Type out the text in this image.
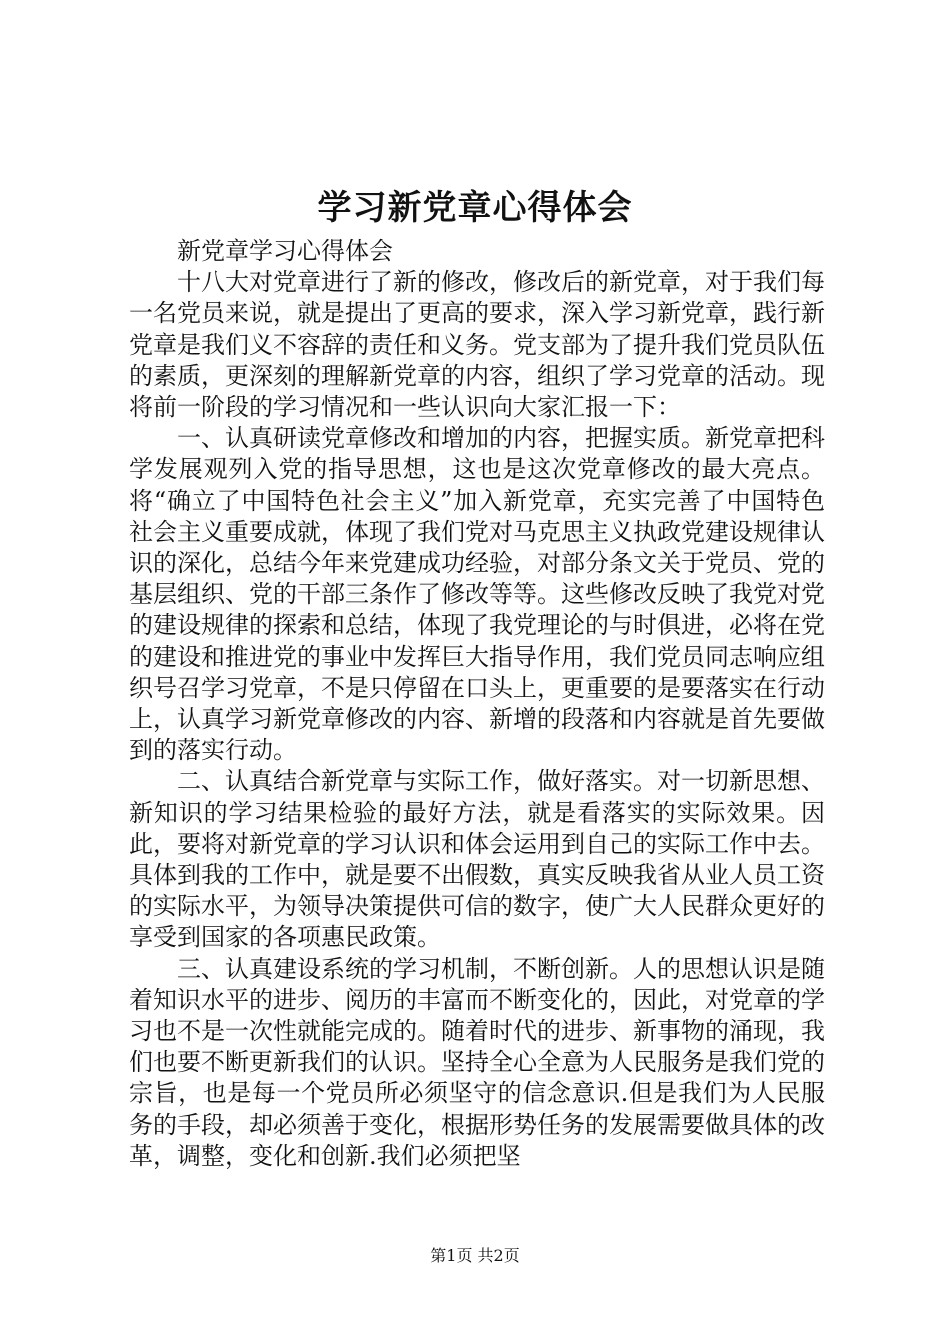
学习新党章心得体会

新党章学习心得体会

十八大对党章进行了新的修改，修改后的新党章，对于我们每一名党员来说，就是提出了更高的要求，深入学习新党章，践行新党章是我们义不容辞的责任和义务。党支部为了提升我们党员队伍的素质，更深刻的理解新党章的内容，组织了学习党章的活动。现将前一阶段的学习情况和一些认识向大家汇报一下：

一、认真研读党章修改和增加的内容，把握实质。新党章把科学发展观列入党的指导思想，这也是这次党章修改的最大亮点。将“确立了中国特色社会主义”加入新党章，充实完善了中国特色社会主义重要成就，体现了我们党对马克思主义执政党建设规律认识的深化，总结今年来党建成功经验，对部分条文关于党员、党的基层组织、党的干部三条作了修改等等。这些修改反映了我党对党的建设规律的探索和总结，体现了我党理论的与时俱进，必将在党的建设和推进党的事业中发挥巨大指导作用，我们党员同志响应组织号召学习党章，不是只停留在口头上，更重要的是要落实在行动上，认真学习新党章修改的内容、新增的段落和内容就是首先要做到的落实行动。

二、认真结合新党章与实际工作，做好落实。对一切新思想、新知识的学习结果检验的最好方法，就是看落实的实际效果。因此，要将对新党章的学习认识和体会运用到自己的实际工作中去。具体到我的工作中，就是要不出假数，真实反映我省从业人员工资的实际水平，为领导决策提供可信的数字，使广大人民群众更好的享受到国家的各项惠民政策。

三、认真建设系统的学习机制，不断创新。人的思想认识是随着知识水平的进步、阅历的丰富而不断变化的，因此，对党章的学习也不是一次性就能完成的。随着时代的进步、新事物的涌现，我们也要不断更新我们的认识。坚持全心全意为人民服务是我们党的宗旨，也是每一个党员所必须坚守的信念意识.但是我们为人民服务的手段，却必须善于变化，根据形势任务的发展需要做具体的改革，调整，变化和创新.我们必须把坚

第1页 共2页
